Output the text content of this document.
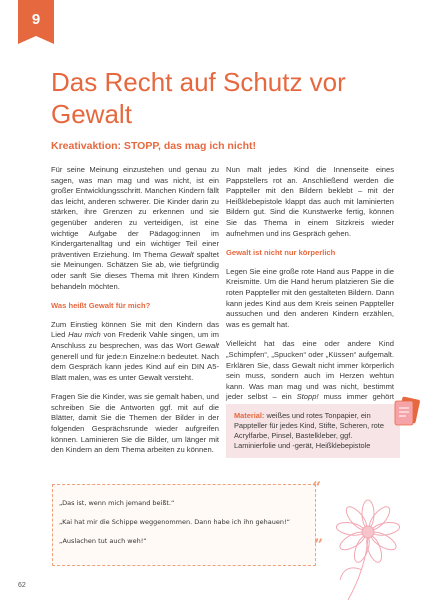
9
Das Recht auf Schutz vor Gewalt
Kreativaktion: STOPP, das mag ich nicht!

Für seine Meinung einzustehen und genau zu sagen, was man mag und was nicht, ist ein großer Entwicklungsschritt. Manchen Kindern fällt das leicht, anderen schwerer. Die Kinder darin zu stärken, ihre Grenzen zu erkennen und sie gegenüber anderen zu verteidigen, ist eine wichtige Aufgabe der Pädagog:innen im Kindergartenalltag und ein wichtiger Teil einer präventiven Erziehung. Im Thema Gewalt spaltet sie Meinungen. Schätzen Sie ab, wie tiefgründig oder sanft Sie dieses Thema mit Ihren Kindern behandeln möchten.

Was heißt Gewalt für mich?

Zum Einstieg können Sie mit den Kindern das Lied Hau mich von Frederik Vahle singen, um im Anschluss zu besprechen, was das Wort Gewalt generell und für jede:n Einzelne:n bedeutet. Nach dem Gespräch kann jedes Kind auf ein DIN A5-Blatt malen, was es unter Gewalt versteht.

Fragen Sie die Kinder, was sie gemalt haben, und schreiben Sie die Antworten ggf. mit auf die Blätter, damit Sie die Themen der Bilder in der folgenden Gesprächsrunde wieder aufgreifen können. Laminieren Sie die Bilder, um länger mit den Kindern an dem Thema arbeiten zu können.

Nun malt jedes Kind die Innenseite eines Pappstellers rot an. Anschließend werden die Pappteller mit den Bildern beklebt – mit der Heißklebepistole klappt das auch mit laminierten Bildern gut. Sind die Kunstwerke fertig, können Sie das Thema in einem Sitzkreis wieder aufnehmen und ins Gespräch gehen.

Gewalt ist nicht nur körperlich

Legen Sie eine große rote Hand aus Pappe in die Kreismitte. Um die Hand herum platzieren Sie die roten Pappteller mit den gestalteten Bildern. Dann kann jedes Kind aus dem Kreis seinen Pappteller aussuchen und den anderen Kindern erzählen, was es gemalt hat.

Vielleicht hat das eine oder andere Kind „Schimpfen“, „Spucken“ oder „Küssen“ aufgemalt. Erklären Sie, dass Gewalt nicht immer körperlich sein muss, sondern auch im Herzen wehtun kann. Was man mag und was nicht, bestimmt jeder selbst – ein Stopp! muss immer gehört

Material: weißes und rotes Tonpapier, ein Pappteller für jedes Kind, Stifte, Scheren, rote Acrylfarbe, Pinsel, Bastelkleber, ggf. Laminierfolie und -gerät, Heißklebepistole
„Das ist, wenn mich jemand beißt.“
„Kai hat mir die Schippe weggenommen. Dann habe ich ihn gehauen!“
„Auslachen tut auch weh!“
“
”
62
